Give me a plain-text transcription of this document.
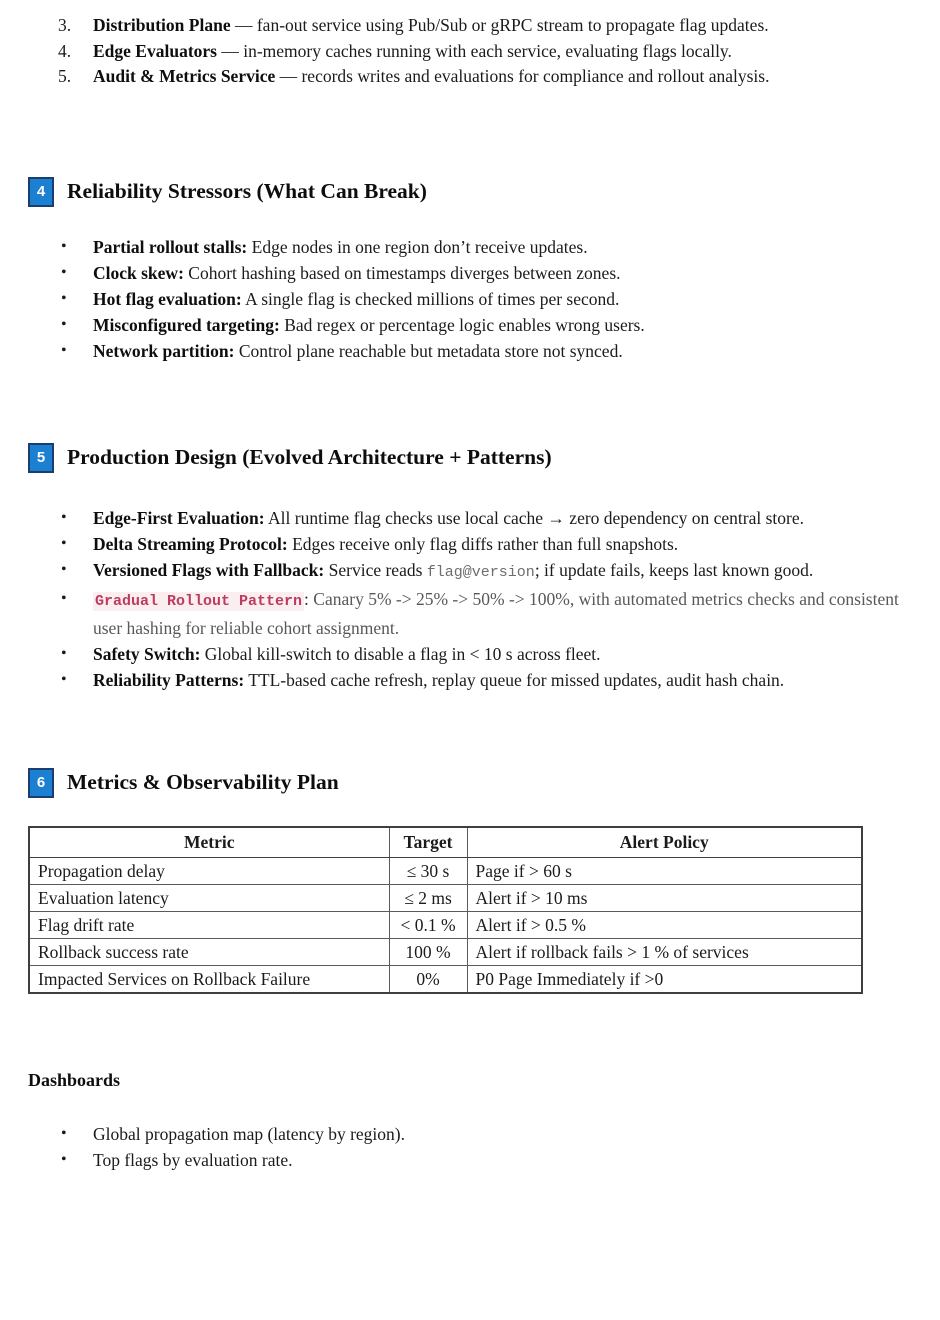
3.	Distribution Plane — fan-out service using Pub/Sub or gRPC stream to propagate flag updates.
4.	Edge Evaluators — in-memory caches running with each service, evaluating flags locally.
5.	Audit & Metrics Service — records writes and evaluations for compliance and rollout analysis.
4	Reliability Stressors (What Can Break)
•	Partial rollout stalls: Edge nodes in one region don’t receive updates.
•	Clock skew: Cohort hashing based on timestamps diverges between zones.
•	Hot flag evaluation: A single flag is checked millions of times per second.
•	Misconfigured targeting: Bad regex or percentage logic enables wrong users.
•	Network partition: Control plane reachable but metadata store not synced.
5	Production Design (Evolved Architecture + Patterns)
•	Edge-First Evaluation: All runtime flag checks use local cache → zero dependency on central store.
•	Delta Streaming Protocol: Edges receive only flag diffs rather than full snapshots.
•	Versioned Flags with Fallback: Service reads flag@version; if update fails, keeps last known good.
•	Gradual Rollout Pattern : Canary 5% -> 25% -> 50% -> 100%, with automated metrics checks and consistent user hashing for reliable cohort assignment.
•	Safety Switch: Global kill-switch to disable a flag in < 10 s across fleet.
•	Reliability Patterns: TTL-based cache refresh, replay queue for missed updates, audit hash chain.
6	Metrics & Observability Plan
Metric	Target	Alert Policy
Propagation delay	≤ 30 s	Page if > 60 s
Evaluation latency	≤ 2 ms	Alert if > 10 ms
Flag drift rate	< 0.1 %	Alert if > 0.5 %
Rollback success rate	100 %	Alert if rollback fails > 1 % of services
Impacted Services on Rollback Failure	0%	P0 Page Immediately if >0
Dashboards
•	Global propagation map (latency by region).
•	Top flags by evaluation rate.
